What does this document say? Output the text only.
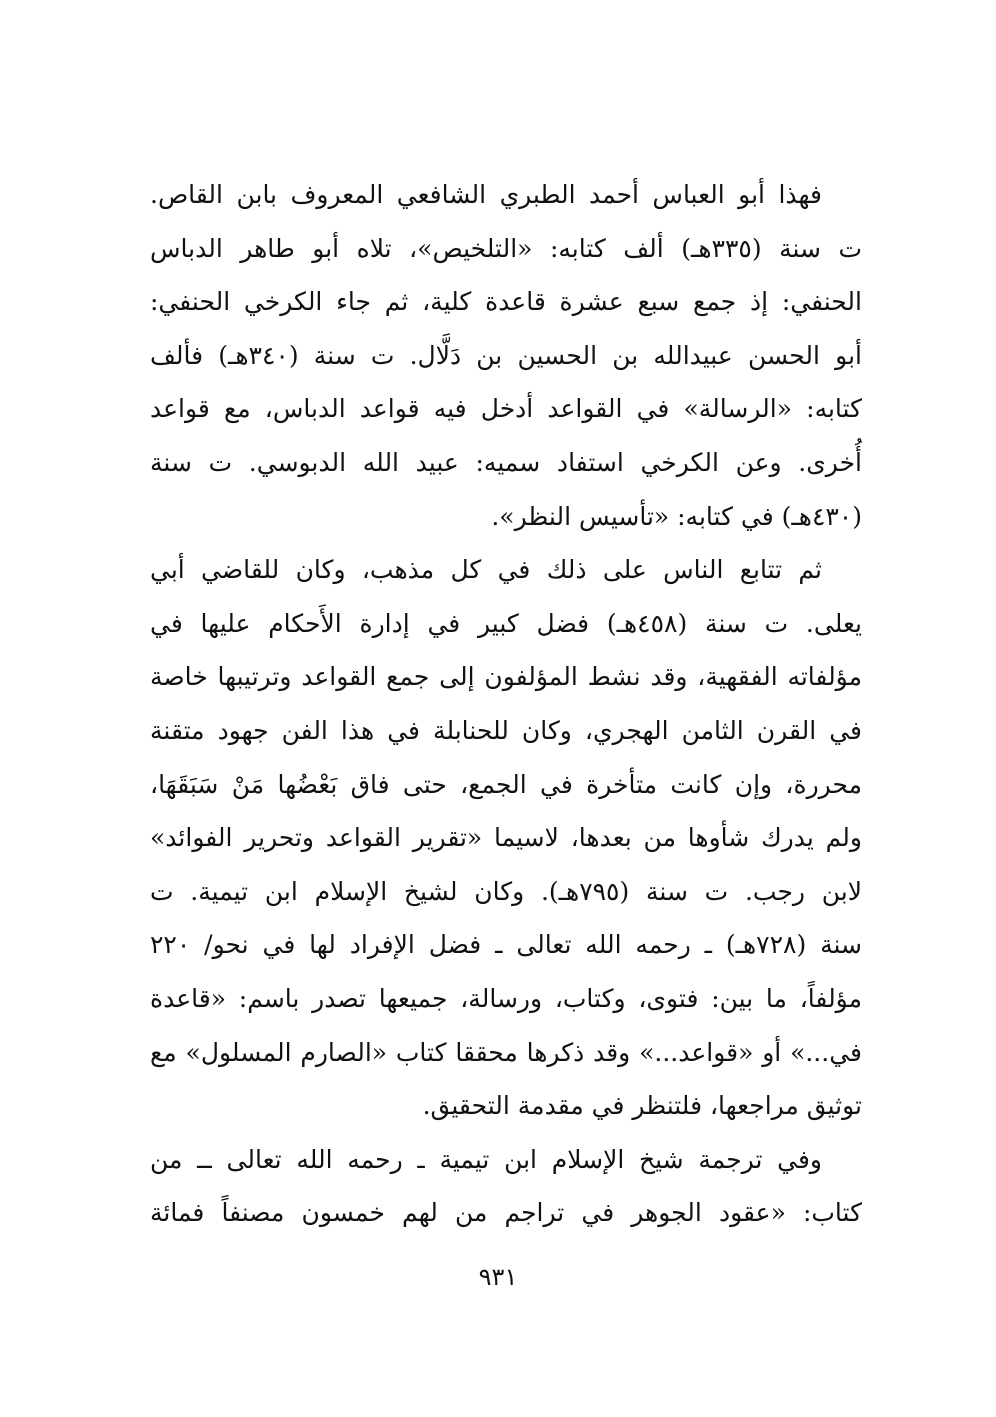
فهذا أبو العباس أحمد الطبري الشافعي المعروف بابن القاص.
ت سنة (٣٣٥هـ) ألف كتابه: «التلخيص»، تلاه أبو طاهر الدباس
الحنفي: إذ جمع سبع عشرة قاعدة كلية، ثم جاء الكرخي الحنفي:
أبو الحسن عبيدالله بن الحسين بن دَلَّال. ت سنة (٣٤٠هـ) فألف
كتابه: «الرسالة» في القواعد أدخل فيه قواعد الدباس، مع قواعد
أُخرى. وعن الكرخي استفاد سميه: عبيد الله الدبوسي. ت سنة
(٤٣٠هـ) في كتابه: «تأسيس النظر».
ثم تتابع الناس على ذلك في كل مذهب، وكان للقاضي أبي
يعلى. ت سنة (٤٥٨هـ) فضل كبير في إدارة الأَحكام عليها في
مؤلفاته الفقهية، وقد نشط المؤلفون إلى جمع القواعد وترتيبها خاصة
في القرن الثامن الهجري، وكان للحنابلة في هذا الفن جهود متقنة
محررة، وإن كانت متأخرة في الجمع، حتى فاق بَعْضُها مَنْ سَبَقَهَا،
ولم يدرك شأوها من بعدها، لاسيما «تقرير القواعد وتحرير الفوائد»
لابن رجب. ت سنة (٧٩٥هـ). وكان لشيخ الإسلام ابن تيمية. ت
سنة (٧٢٨هـ) ـ رحمه الله تعالى ـ فضل الإفراد لها في نحو/ ٢٢٠
مؤلفاً، ما بين: فتوى، وكتاب، ورسالة، جميعها تصدر باسم: «قاعدة
في...» أو «قواعد...» وقد ذكرها محققا كتاب «الصارم المسلول» مع
توثيق مراجعها، فلتنظر في مقدمة التحقيق.
وفي ترجمة شيخ الإسلام ابن تيمية ـ رحمه الله تعالى ــ من
كتاب: «عقود الجوهر في تراجم من لهم خمسون مصنفاً فمائة
٩٣١
